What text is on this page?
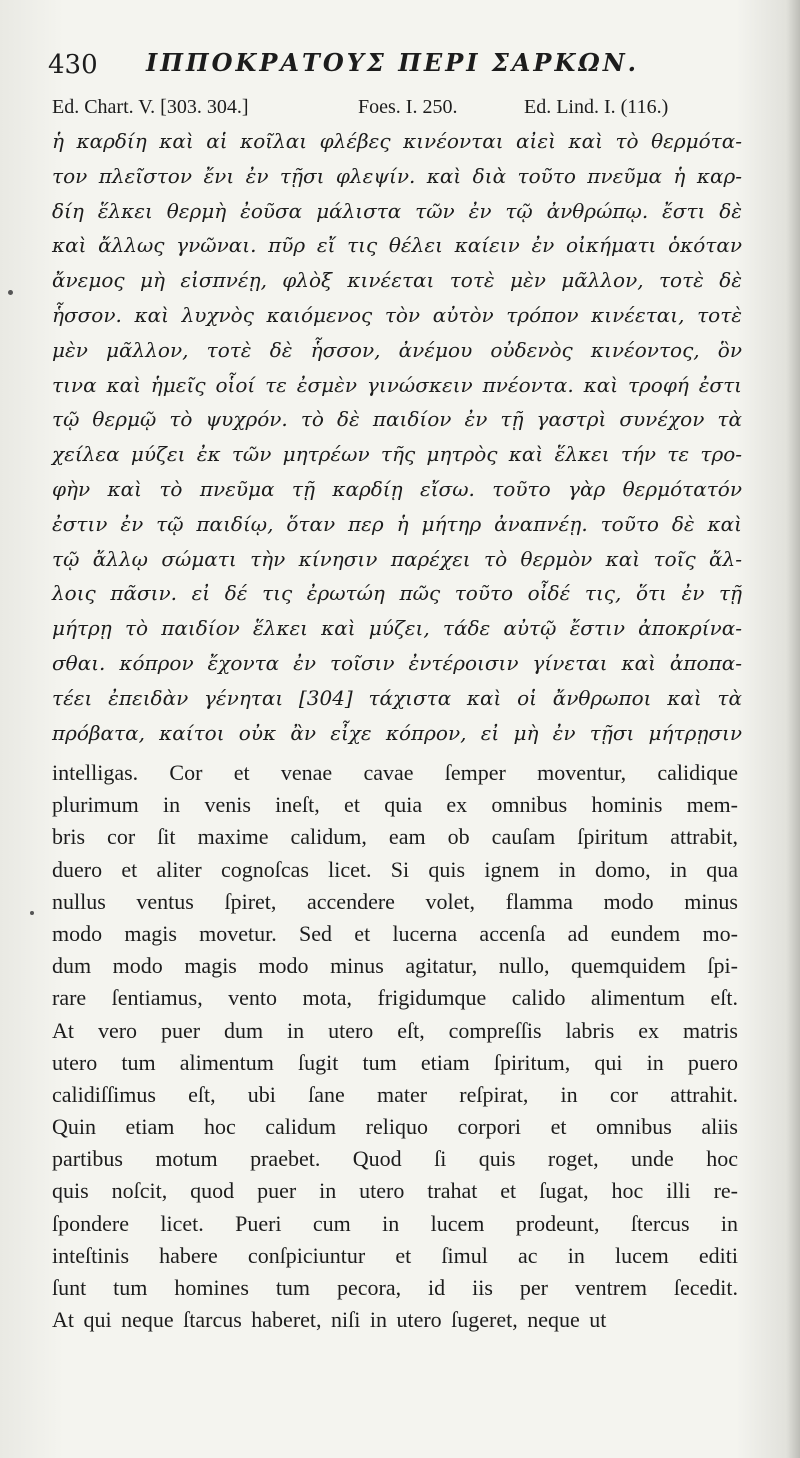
430 ΙΠΠΟΚΡΑΤΟΥΣ ΠΕΡΙ ΣΑΡΚΩΝ.
Ed. Chart. V. [303. 304.]	Foes. I. 250.	Ed. Lind. I. (116.)
ἡ καρδίη καὶ αἱ κοῖλαι φλέβες κινέονται αἰεὶ καὶ τὸ θερμότα-
τον πλεῖστον ἔνι ἐν τῇσι φλεψίν. καὶ διὰ τοῦτο πνεῦμα ἡ καρ-
δίη ἕλκει θερμὴ ἐοῦσα μάλιστα τῶν ἐν τῷ ἀνθρώπῳ. ἔστι δὲ
καὶ ἄλλως γνῶναι. πῦρ εἴ τις θέλει καίειν ἐν οἰκήματι ὁκόταν
ἄνεμος μὴ εἰσπνέῃ, φλὸξ κινέεται τοτὲ μὲν μᾶλλον, τοτὲ δὲ
ἧσσον. καὶ λυχνὸς καιόμενος τὸν αὐτὸν τρόπον κινέεται, τοτὲ
μὲν μᾶλλον, τοτὲ δὲ ἧσσον, ἀνέμου οὐδενὸς κινέοντος, ὃν
τινα καὶ ἡμεῖς οἷοί τε ἐσμὲν γινώσκειν πνέοντα. καὶ τροφή ἐστι
τῷ θερμῷ τὸ ψυχρόν. τὸ δὲ παιδίον ἐν τῇ γαστρὶ συνέχον τὰ
χείλεα μύζει ἐκ τῶν μητρέων τῆς μητρὸς καὶ ἕλκει τήν τε τρο-
φὴν καὶ τὸ πνεῦμα τῇ καρδίῃ εἴσω. τοῦτο γὰρ θερμότατόν
ἐστιν ἐν τῷ παιδίῳ, ὅταν περ ἡ μήτηρ ἀναπνέῃ. τοῦτο δὲ καὶ
τῷ ἄλλῳ σώματι τὴν κίνησιν παρέχει τὸ θερμὸν καὶ τοῖς ἄλ-
λοις πᾶσιν. εἰ δέ τις ἐρωτώη πῶς τοῦτο οἶδέ τις, ὅτι ἐν τῇ
μήτρῃ τὸ παιδίον ἕλκει καὶ μύζει, τάδε αὐτῷ ἔστιν ἀποκρίνα-
σθαι. κόπρον ἔχοντα ἐν τοῖσιν ἐντέροισιν γίνεται καὶ ἀποπα-
τέει ἐπειδὰν γένηται [304] τάχιστα καὶ οἱ ἄνθρωποι καὶ τὰ
πρόβατα, καίτοι οὐκ ἂν εἶχε κόπρον, εἰ μὴ ἐν τῇσι μήτρῃσιν
intelligas. Cor et venae cavae ſemper moventur, calidique
plurimum in venis ineſt, et quia ex omnibus hominis mem-
bris cor ſit maxime calidum, eam ob cauſam ſpiritum attrabit,
duero et aliter cognoſcas licet. Si quis ignem in domo, in qua
nullus ventus ſpiret, accendere volet, flamma modo minus
modo magis movetur. Sed et lucerna accenſa ad eundem mo-
dum modo magis modo minus agitatur, nullo, quemquidem ſpi-
rare ſentiamus, vento mota, frigidumque calido alimentum eſt.
At vero puer dum in utero eſt, compreſſis labris ex matris
utero tum alimentum ſugit tum etiam ſpiritum, qui in puero
calidiſſimus eſt, ubi ſane mater reſpirat, in cor attrahit.
Quin etiam hoc calidum reliquo corpori et omnibus aliis
partibus motum praebet. Quod ſi quis roget, unde hoc
quis noſcit, quod puer in utero trahat et ſugat, hoc illi re-
ſpondere licet. Pueri cum in lucem prodeunt, ſtercus in
inteſtinis habere conſpiciuntur et ſimul ac in lucem editi
ſunt tum homines tum pecora, id iis per ventrem ſecedit.
At qui neque ſtarcus haberet, niſi in utero ſugeret, neque ut
